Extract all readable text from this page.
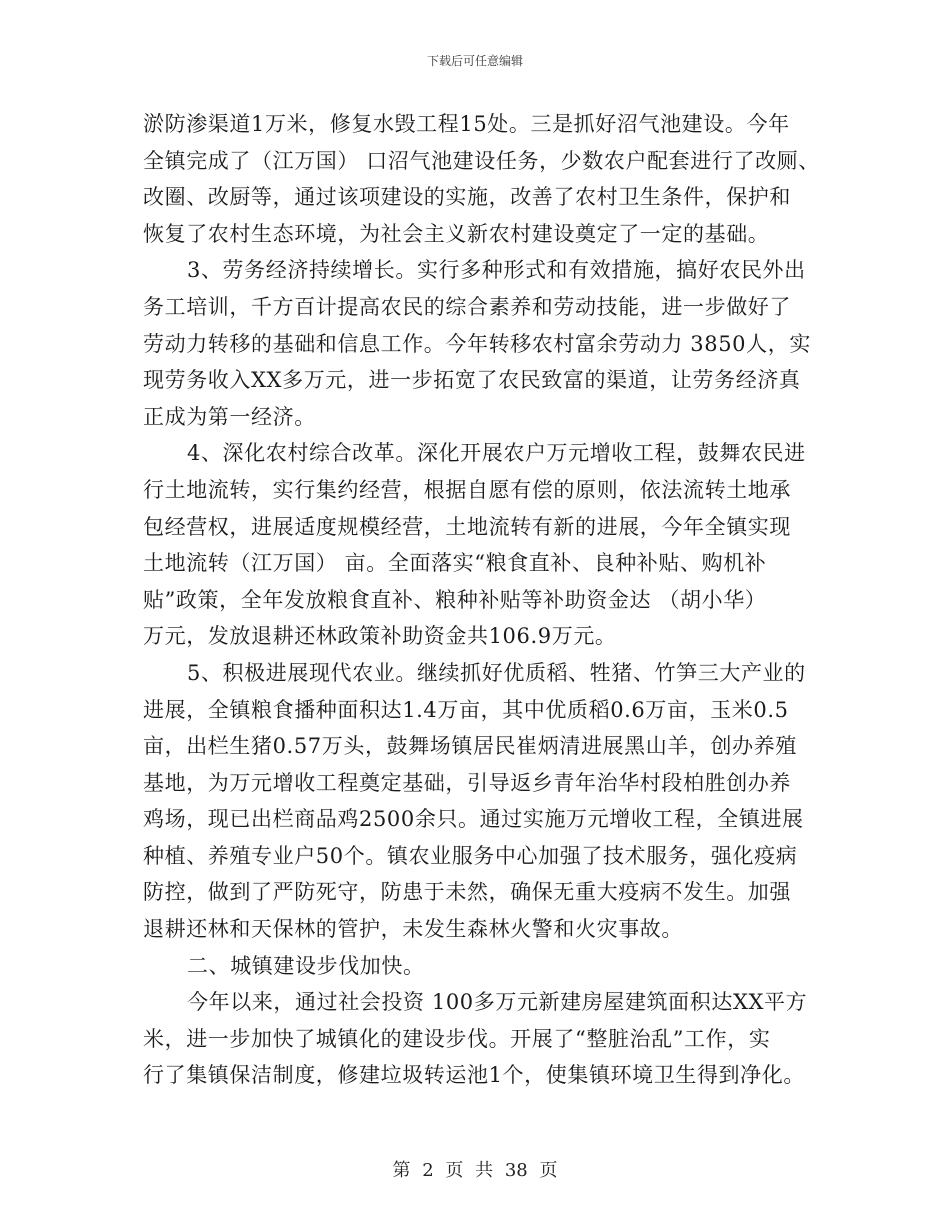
下载后可任意编辑
淤防渗渠道1万米，修复水毁工程15处。三是抓好沼气池建设。今年
全镇完成了（江万国） 口沼气池建设任务，少数农户配套进行了改厕、
改圈、改厨等，通过该项建设的实施，改善了农村卫生条件，保护和
恢复了农村生态环境，为社会主义新农村建设奠定了一定的基础。
3、劳务经济持续增长。实行多种形式和有效措施，搞好农民外出
务工培训，千方百计提高农民的综合素养和劳动技能，进一步做好了
劳动力转移的基础和信息工作。今年转移农村富余劳动力 3850人，实
现劳务收入XX多万元，进一步拓宽了农民致富的渠道，让劳务经济真
正成为第一经济。
4、深化农村综合改革。深化开展农户万元增收工程，鼓舞农民进
行土地流转，实行集约经营，根据自愿有偿的原则，依法流转土地承
包经营权，进展适度规模经营，土地流转有新的进展，今年全镇实现
土地流转（江万国） 亩。全面落实“粮食直补、良种补贴、购机补
贴”政策，全年发放粮食直补、粮种补贴等补助资金达 （胡小华）
万元，发放退耕还林政策补助资金共106.9万元。
5、积极进展现代农业。继续抓好优质稻、牲猪、竹笋三大产业的
进展，全镇粮食播种面积达1.4万亩，其中优质稻0.6万亩，玉米0.5
亩，出栏生猪0.57万头，鼓舞场镇居民崔炳清进展黑山羊，创办养殖
基地，为万元增收工程奠定基础，引导返乡青年治华村段柏胜创办养
鸡场，现已出栏商品鸡2500余只。通过实施万元增收工程，全镇进展
种植、养殖专业户50个。镇农业服务中心加强了技术服务，强化疫病
防控，做到了严防死守，防患于未然，确保无重大疫病不发生。加强
退耕还林和天保林的管护，未发生森林火警和火灾事故。
二、城镇建设步伐加快。
今年以来，通过社会投资 100多万元新建房屋建筑面积达XX平方
米，进一步加快了城镇化的建设步伐。开展了“整脏治乱”工作，实
行了集镇保洁制度，修建垃圾转运池1个，使集镇环境卫生得到净化。
第 2 页 共 38 页
